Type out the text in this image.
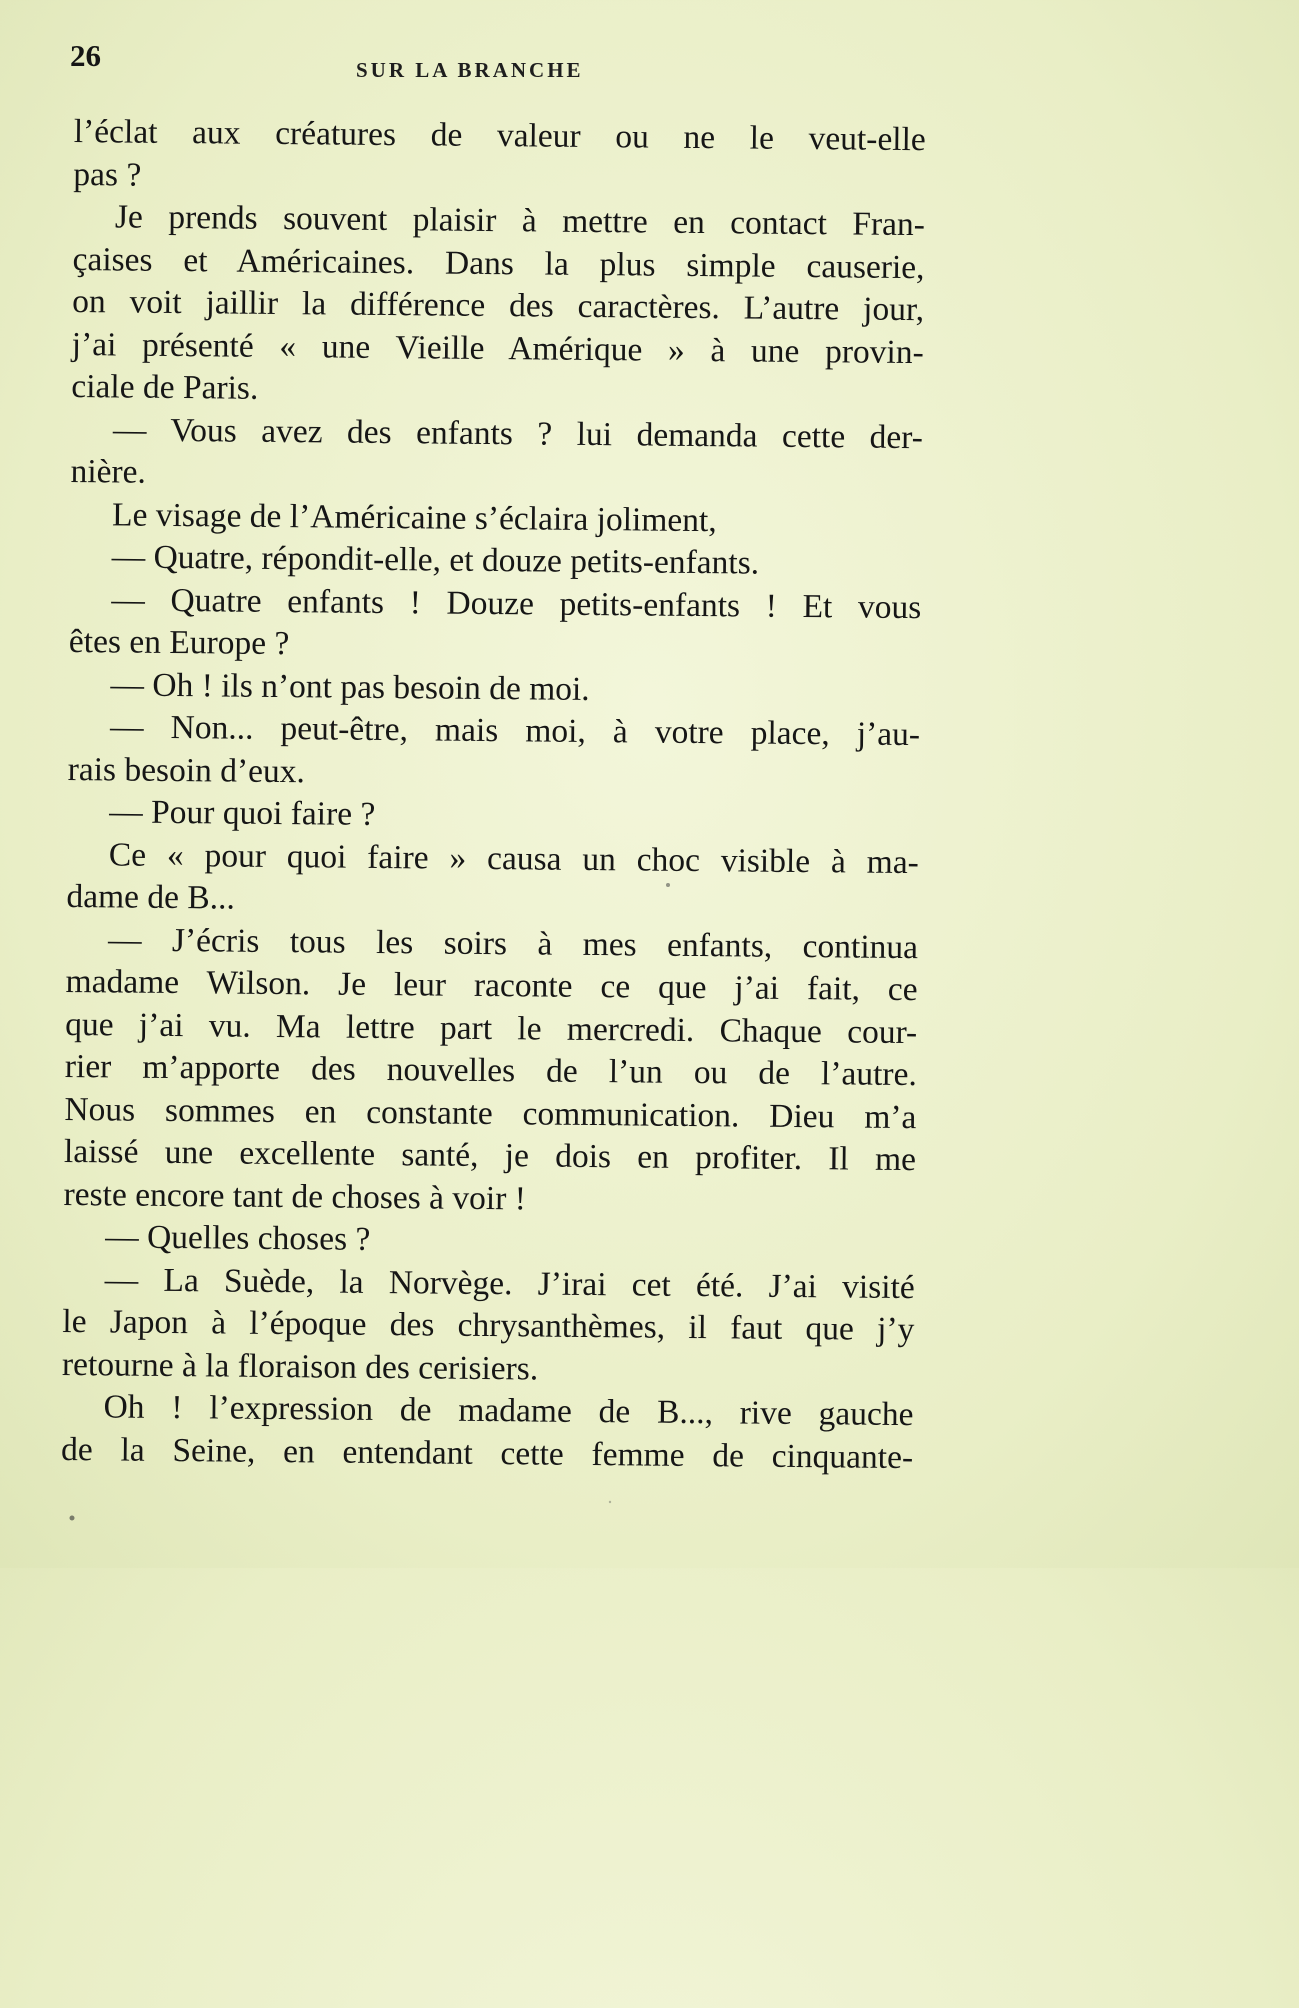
26	SUR LA BRANCHE
l’éclat aux créatures de valeur ou ne le veut-elle
pas ?
Je prends souvent plaisir à mettre en contact Fran-
çaises et Américaines. Dans la plus simple causerie,
on voit jaillir la différence des caractères. L’autre jour,
j’ai présenté « une Vieille Amérique » à une provin-
ciale de Paris.
— Vous avez des enfants ? lui demanda cette der-
nière.
Le visage de l’Américaine s’éclaira joliment,
— Quatre, répondit-elle, et douze petits-enfants.
— Quatre enfants ! Douze petits-enfants ! Et vous
êtes en Europe ?
— Oh ! ils n’ont pas besoin de moi.
— Non... peut-être, mais moi, à votre place, j’au-
rais besoin d’eux.
— Pour quoi faire ?
Ce « pour quoi faire » causa un choc visible à ma-
dame de B...
— J’écris tous les soirs à mes enfants, continua
madame Wilson. Je leur raconte ce que j’ai fait, ce
que j’ai vu. Ma lettre part le mercredi. Chaque cour-
rier m’apporte des nouvelles de l’un ou de l’autre.
Nous sommes en constante communication. Dieu m’a
laissé une excellente santé, je dois en profiter. Il me
reste encore tant de choses à voir !
— Quelles choses ?
— La Suède, la Norvège. J’irai cet été. J’ai visité
le Japon à l’époque des chrysanthèmes, il faut que j’y
retourne à la floraison des cerisiers.
Oh ! l’expression de madame de B..., rive gauche
de la Seine, en entendant cette femme de cinquante-
